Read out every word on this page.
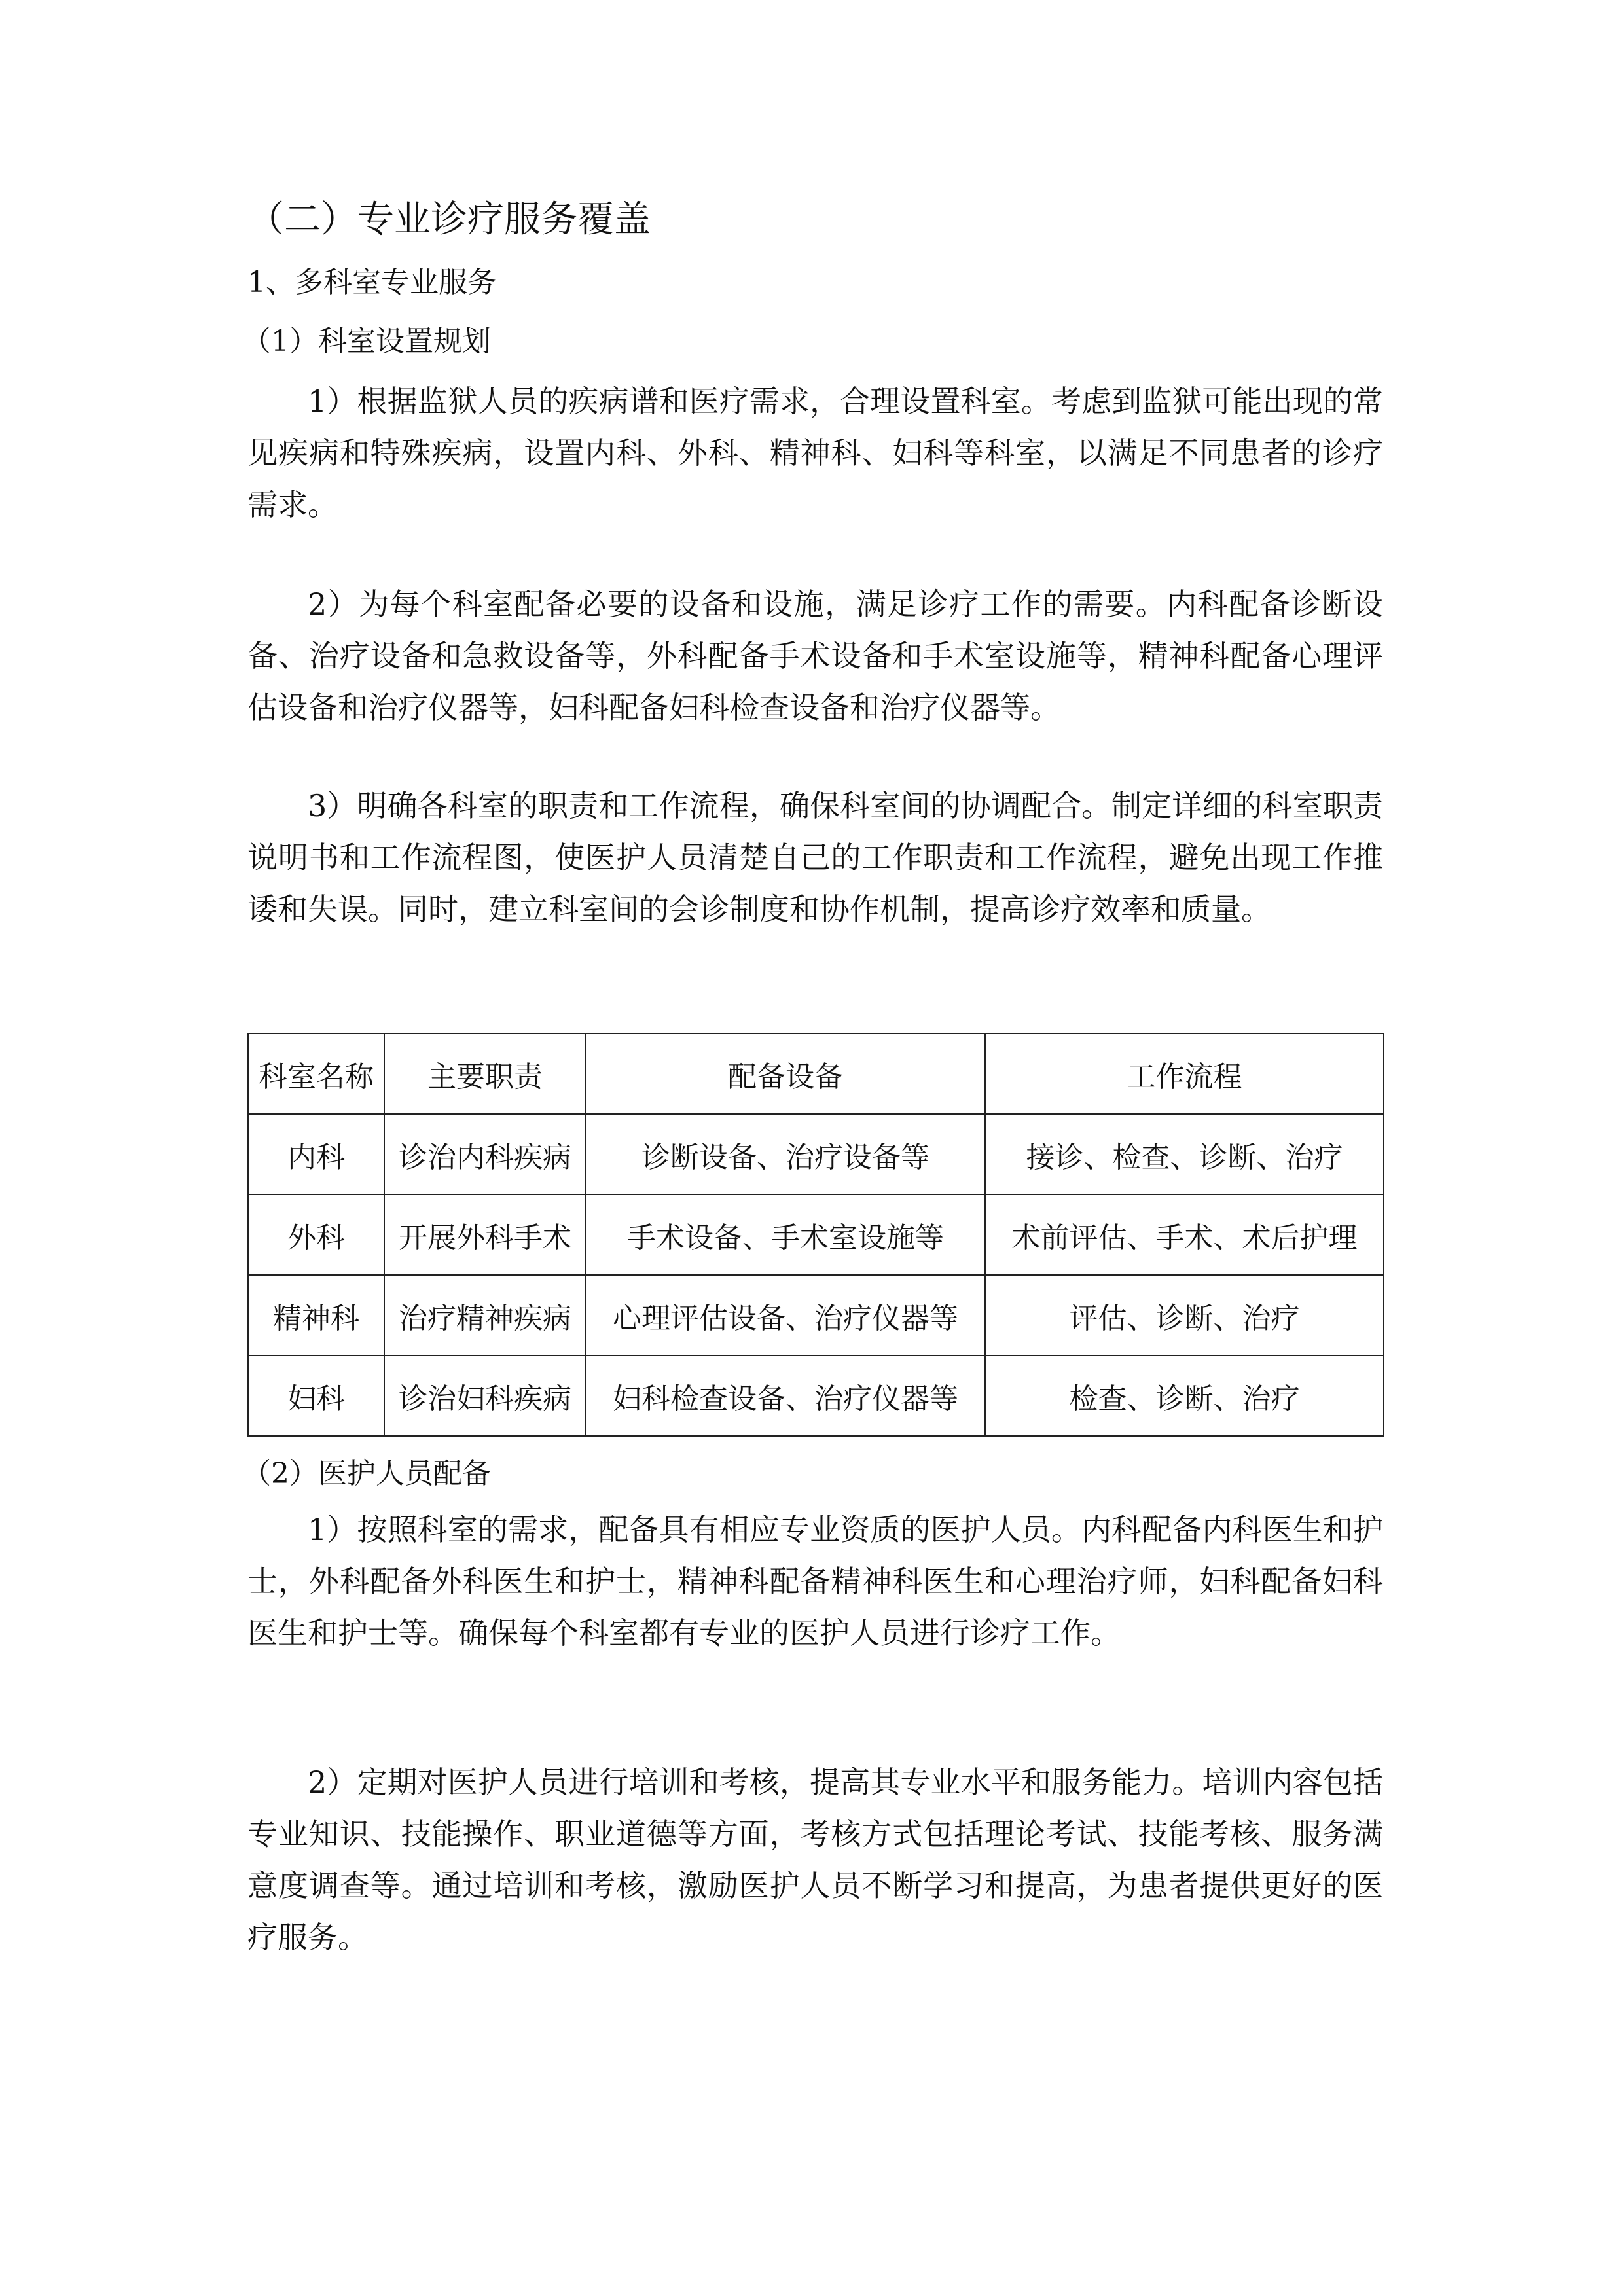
（二）专业诊疗服务覆盖
1、多科室专业服务
（1）科室设置规划

1）根据监狱人员的疾病谱和医疗需求，合理设置科室。考虑到监狱可能出现的常见疾病和特殊疾病，设置内科、外科、精神科、妇科等科室，以满足不同患者的诊疗需求。

2）为每个科室配备必要的设备和设施，满足诊疗工作的需要。内科配备诊断设备、治疗设备和急救设备等，外科配备手术设备和手术室设施等，精神科配备心理评估设备和治疗仪器等，妇科配备妇科检查设备和治疗仪器等。

3）明确各科室的职责和工作流程，确保科室间的协调配合。制定详细的科室职责说明书和工作流程图，使医护人员清楚自己的工作职责和工作流程，避免出现工作推诿和失误。同时，建立科室间的会诊制度和协作机制，提高诊疗效率和质量。

科室名称	主要职责	配备设备	工作流程
内科	诊治内科疾病	诊断设备、治疗设备等	接诊、检查、诊断、治疗
外科	开展外科手术	手术设备、手术室设施等	术前评估、手术、术后护理
精神科	治疗精神疾病	心理评估设备、治疗仪器等	评估、诊断、治疗
妇科	诊治妇科疾病	妇科检查设备、治疗仪器等	检查、诊断、治疗
（2）医护人员配备

1）按照科室的需求，配备具有相应专业资质的医护人员。内科配备内科医生和护士，外科配备外科医生和护士，精神科配备精神科医生和心理治疗师，妇科配备妇科医生和护士等。确保每个科室都有专业的医护人员进行诊疗工作。

2）定期对医护人员进行培训和考核，提高其专业水平和服务能力。培训内容包括专业知识、技能操作、职业道德等方面，考核方式包括理论考试、技能考核、服务满意度调查等。通过培训和考核，激励医护人员不断学习和提高，为患者提供更好的医疗服务。
